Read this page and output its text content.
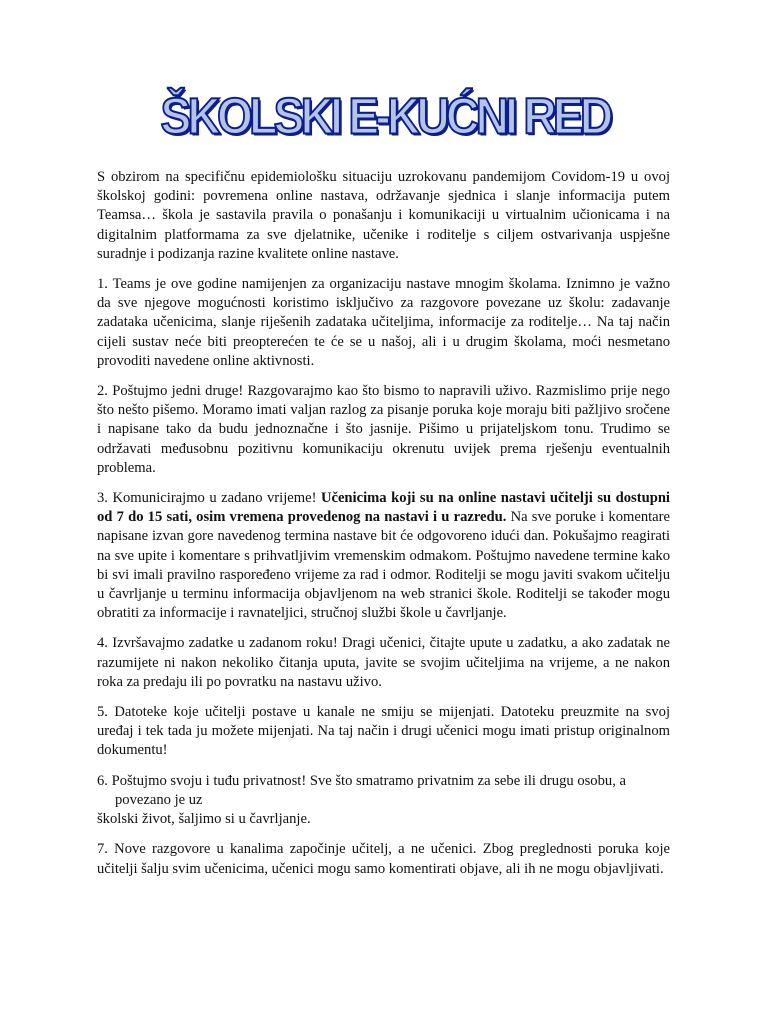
ŠKOLSKI E-KUĆNI RED

S obzirom na specifičnu epidemiološku situaciju uzrokovanu pandemijom Covidom-19 u ovoj školskoj godini: povremena online nastava, održavanje sjednica i slanje informacija putem Teamsa… škola je sastavila pravila o ponašanju i komunikaciji u virtualnim učionicama i na digitalnim platformama za sve djelatnike, učenike i roditelje s ciljem ostvarivanja uspješne suradnje i podizanja razine kvalitete online nastave.

1. Teams je ove godine namijenjen za organizaciju nastave mnogim školama. Iznimno je važno da sve njegove mogućnosti koristimo isključivo za razgovore povezane uz školu: zadavanje zadataka učenicima, slanje riješenih zadataka učiteljima, informacije za roditelje… Na taj način cijeli sustav neće biti preopterećen te će se u našoj, ali i u drugim školama, moći nesmetano provoditi navedene online aktivnosti.

2. Poštujmo jedni druge! Razgovarajmo kao što bismo to napravili uživo. Razmislimo prije nego što nešto pišemo. Moramo imati valjan razlog za pisanje poruka koje moraju biti pažljivo sročene i napisane tako da budu jednoznačne i što jasnije. Pišimo u prijateljskom tonu. Trudimo se održavati međusobnu pozitivnu komunikaciju okrenutu uvijek prema rješenju eventualnih problema.

3. Komunicirajmo u zadano vrijeme! Učenicima koji su na online nastavi učitelji su dostupni od 7 do 15 sati, osim vremena provedenog na nastavi i u razredu. Na sve poruke i komentare napisane izvan gore navedenog termina nastave bit će odgovoreno idući dan. Pokušajmo reagirati na sve upite i komentare s prihvatljivim vremenskim odmakom. Poštujmo navedene termine kako bi svi imali pravilno raspoređeno vrijeme za rad i odmor. Roditelji se mogu javiti svakom učitelju u čavrljanje u terminu informacija objavljenom na web stranici škole. Roditelji se također mogu obratiti za informacije i ravnateljici, stručnoj službi škole u čavrljanje.

4. Izvršavajmo zadatke u zadanom roku! Dragi učenici, čitajte upute u zadatku, a ako zadatak ne razumijete ni nakon nekoliko čitanja uputa, javite se svojim učiteljima na vrijeme, a ne nakon roka za predaju ili po povratku na nastavu uživo.

5. Datoteke koje učitelji postave u kanale ne smiju se mijenjati. Datoteku preuzmite na svoj uređaj i tek tada ju možete mijenjati. Na taj način i drugi učenici mogu imati pristup originalnom dokumentu!

6. Poštujmo svoju i tuđu privatnost! Sve što smatramo privatnim za sebe ili drugu osobu, a

povezano je uz

školski život, šaljimo si u čavrljanje.

7. Nove razgovore u kanalima započinje učitelj, a ne učenici. Zbog preglednosti poruka koje učitelji šalju svim učenicima, učenici mogu samo komentirati objave, ali ih ne mogu objavljivati.
